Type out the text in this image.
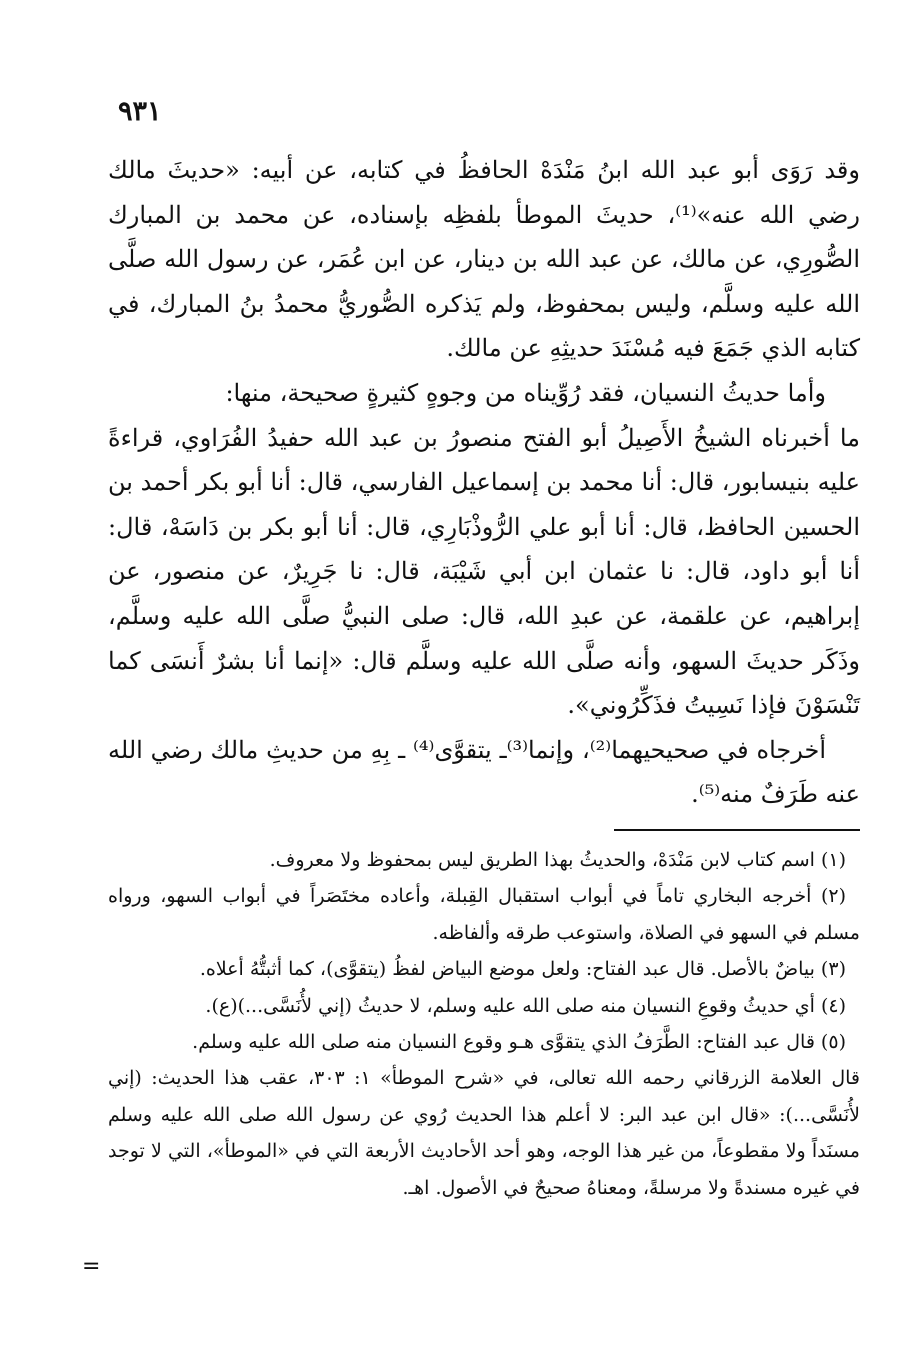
٩٣١

وقد رَوَى أبو عبد الله ابنُ مَنْدَهْ الحافظُ في كتابه، عن أبيه: «حديثَ مالك رضي الله عنه»⁽¹⁾، حديثَ الموطأ بلفظِه بإسناده، عن محمد بن المبارك الصُّورِي، عن مالك، عن عبد الله بن دينار، عن ابن عُمَر، عن رسول الله صلَّى الله عليه وسلَّم، وليس بمحفوظ، ولم يَذكره الصُّوريُّ محمدُ بنُ المبارك، في كتابه الذي جَمَعَ فيه مُسْنَدَ حديثِهِ عن مالك.

وأما حديثُ النسيان، فقد رُوِّيناه من وجوهٍ كثيرةٍ صحيحة، منها:

ما أخبرناه الشيخُ الأَصِيلُ أبو الفتح منصورُ بن عبد الله حفيدُ الفُرَاوي، قراءةً عليه بنيسابور، قال: أنا محمد بن إسماعيل الفارسي، قال: أنا أبو بكر أحمد بن الحسين الحافظ، قال: أنا أبو علي الرُّوذْبَارِي، قال: أنا أبو بكر بن دَاسَهْ، قال: أنا أبو داود، قال: نا عثمان ابن أبي شَيْبَة، قال: نا جَرِيرٌ، عن منصور، عن إبراهيم، عن علقمة، عن عبدِ الله، قال: صلى النبيُّ صلَّى الله عليه وسلَّم، وذَكَر حديثَ السهو، وأنه صلَّى الله عليه وسلَّم قال: «إنما أنا بشرٌ أَنسَى كما تَنْسَوْنَ فإذا نَسِيتُ فذَكِّرُوني».

أخرجاه في صحيحيهما⁽²⁾، وإنما⁽³⁾ـ يتقوَّى⁽⁴⁾ ـ بِهِ من حديثِ مالك رضي الله عنه طَرَفٌ منه⁽⁵⁾.

(١) اسم كتاب لابن مَنْدَهْ، والحديثُ بهذا الطريق ليس بمحفوظ ولا معروف.

(٢) أخرجه البخاري تاماً في أبواب استقبال القِبلة، وأعاده مختَصَراً في أبواب السهو، ورواه مسلم في السهو في الصلاة، واستوعب طرقه وألفاظه.

(٣) بياضٌ بالأصل. قال عبد الفتاح: ولعل موضع البياض لفظُ (يتقوَّى)، كما أثبتُّهُ أعلاه.

(٤) أي حديثُ وقوعِ النسيان منه صلى الله عليه وسلم، لا حديثُ (إني لأُنَسَّى...)(ع).

(٥) قال عبد الفتاح: الطَّرَفُ الذي يتقوَّى هـو وقوع النسيان منه صلى الله عليه وسلم.

قال العلامة الزرقاني رحمه الله تعالى، في «شرح الموطأ» ١: ٣٠٣، عقب هذا الحديث: (إني لأُنَسَّى...): «قال ابن عبد البر: لا أعلم هذا الحديث رُوي عن رسول الله صلى الله عليه وسلم مسنَداً ولا مقطوعاً، من غير هذا الوجه، وهو أحد الأحاديث الأربعة التي في «الموطأ»، التي لا توجد في غيره مسندةً ولا مرسلةً، ومعناهُ صحيحٌ في الأصول. اهـ.

=
